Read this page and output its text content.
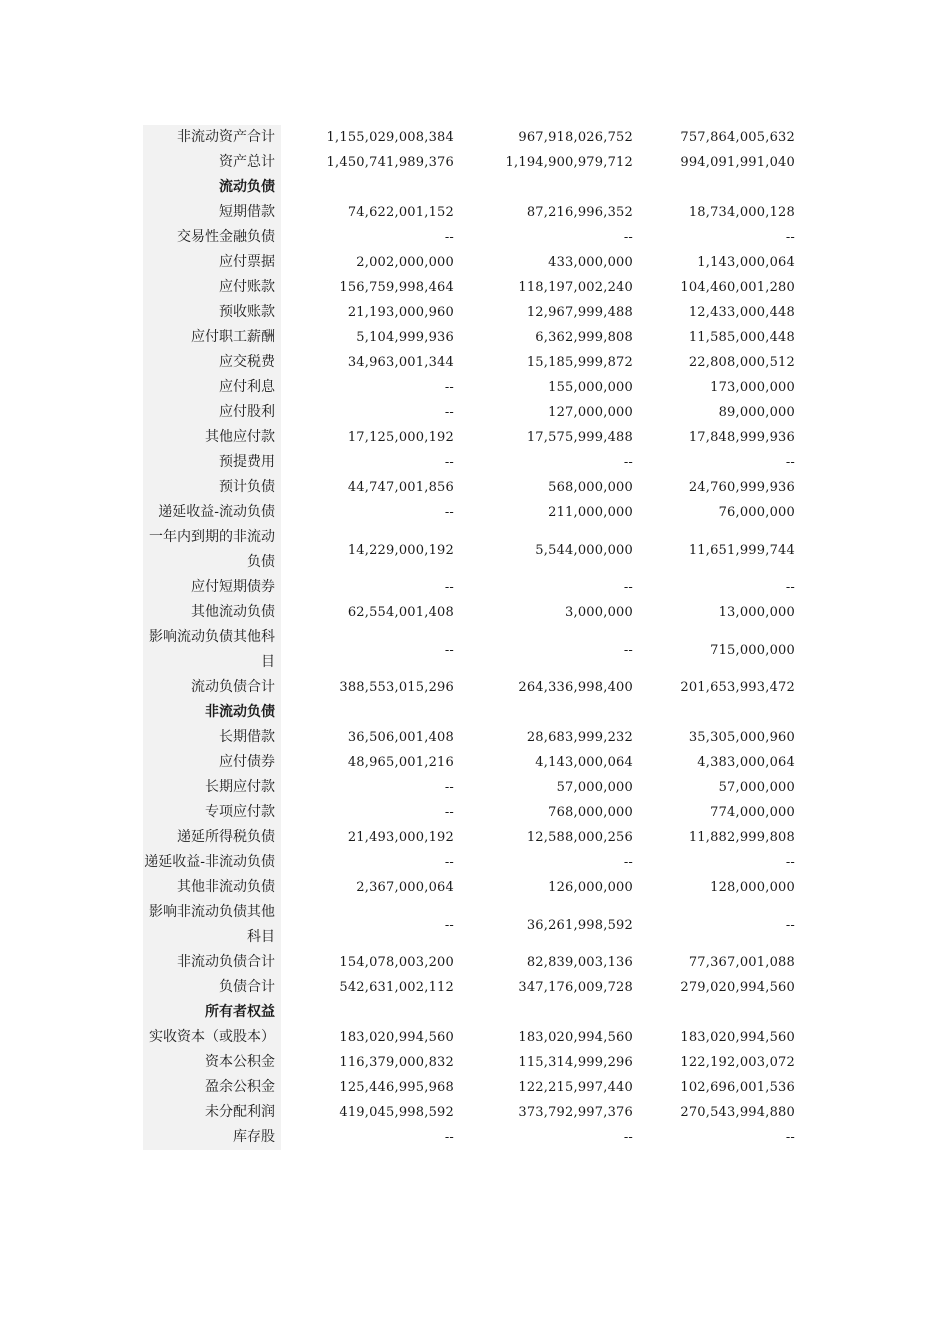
非流动资产合计	1,155,029,008,384	967,918,026,752	757,864,005,632	
资产总计	1,450,741,989,376	1,194,900,979,712	994,091,991,040	
流动负债				
短期借款	74,622,001,152	87,216,996,352	18,734,000,128	
交易性金融负债	--	--	--	
应付票据	2,002,000,000	433,000,000	1,143,000,064	
应付账款	156,759,998,464	118,197,002,240	104,460,001,280	
预收账款	21,193,000,960	12,967,999,488	12,433,000,448	
应付职工薪酬	5,104,999,936	6,362,999,808	11,585,000,448	
应交税费	34,963,001,344	15,185,999,872	22,808,000,512	
应付利息	--	155,000,000	173,000,000	
应付股利	--	127,000,000	89,000,000	
其他应付款	17,125,000,192	17,575,999,488	17,848,999,936	
预提费用	--	--	--	
预计负债	44,747,001,856	568,000,000	24,760,999,936	
递延收益-流动负债	--	211,000,000	76,000,000	
一年内到期的非流动负债	14,229,000,192	5,544,000,000	11,651,999,744	
应付短期债券	--	--	--	
其他流动负债	62,554,001,408	3,000,000	13,000,000	
影响流动负债其他科目	--	--	715,000,000	
流动负债合计	388,553,015,296	264,336,998,400	201,653,993,472	
非流动负债				
长期借款	36,506,001,408	28,683,999,232	35,305,000,960	
应付债券	48,965,001,216	4,143,000,064	4,383,000,064	
长期应付款	--	57,000,000	57,000,000	
专项应付款	--	768,000,000	774,000,000	
递延所得税负债	21,493,000,192	12,588,000,256	11,882,999,808	
递延收益-非流动负债	--	--	--	
其他非流动负债	2,367,000,064	126,000,000	128,000,000	
影响非流动负债其他科目	--	36,261,998,592	--	
非流动负债合计	154,078,003,200	82,839,003,136	77,367,001,088	
负债合计	542,631,002,112	347,176,009,728	279,020,994,560	
所有者权益				
实收资本（或股本）	183,020,994,560	183,020,994,560	183,020,994,560	
资本公积金	116,379,000,832	115,314,999,296	122,192,003,072	
盈余公积金	125,446,995,968	122,215,997,440	102,696,001,536	
未分配利润	419,045,998,592	373,792,997,376	270,543,994,880	
库存股	--	--	--	
